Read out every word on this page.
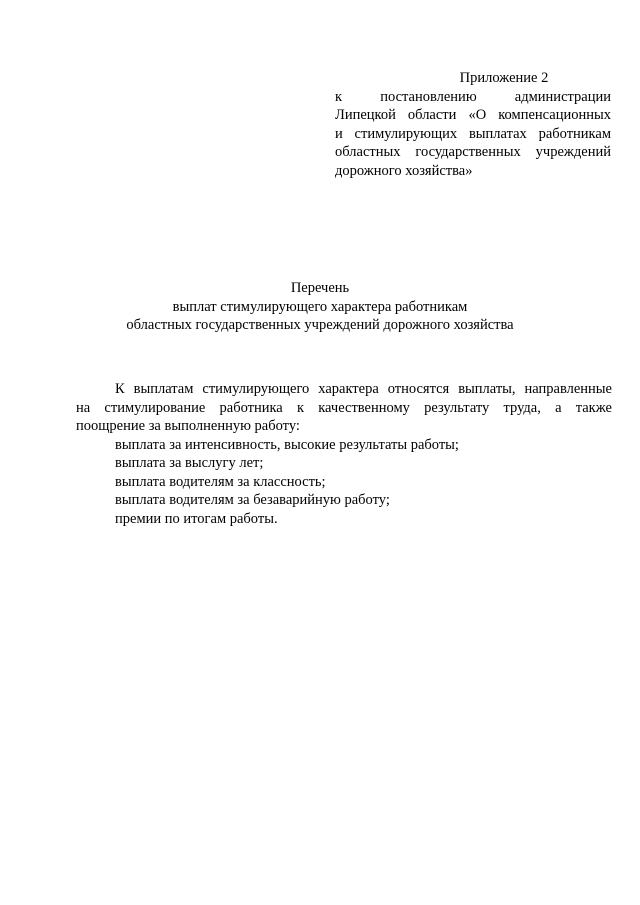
Приложение 2
к постановлению администрации
Липецкой области «О компенсационных
и стимулирующих выплатах работникам
областных государственных учреждений
дорожного хозяйства»
Перечень
выплат стимулирующего характера работникам
областных государственных учреждений дорожного хозяйства
К выплатам стимулирующего характера относятся выплаты, направленные
на стимулирование работника к качественному результату труда, а также
поощрение за выполненную работу:
выплата за интенсивность, высокие результаты работы;
выплата за выслугу лет;
выплата водителям за классность;
выплата водителям за безаварийную работу;
премии по итогам работы.
